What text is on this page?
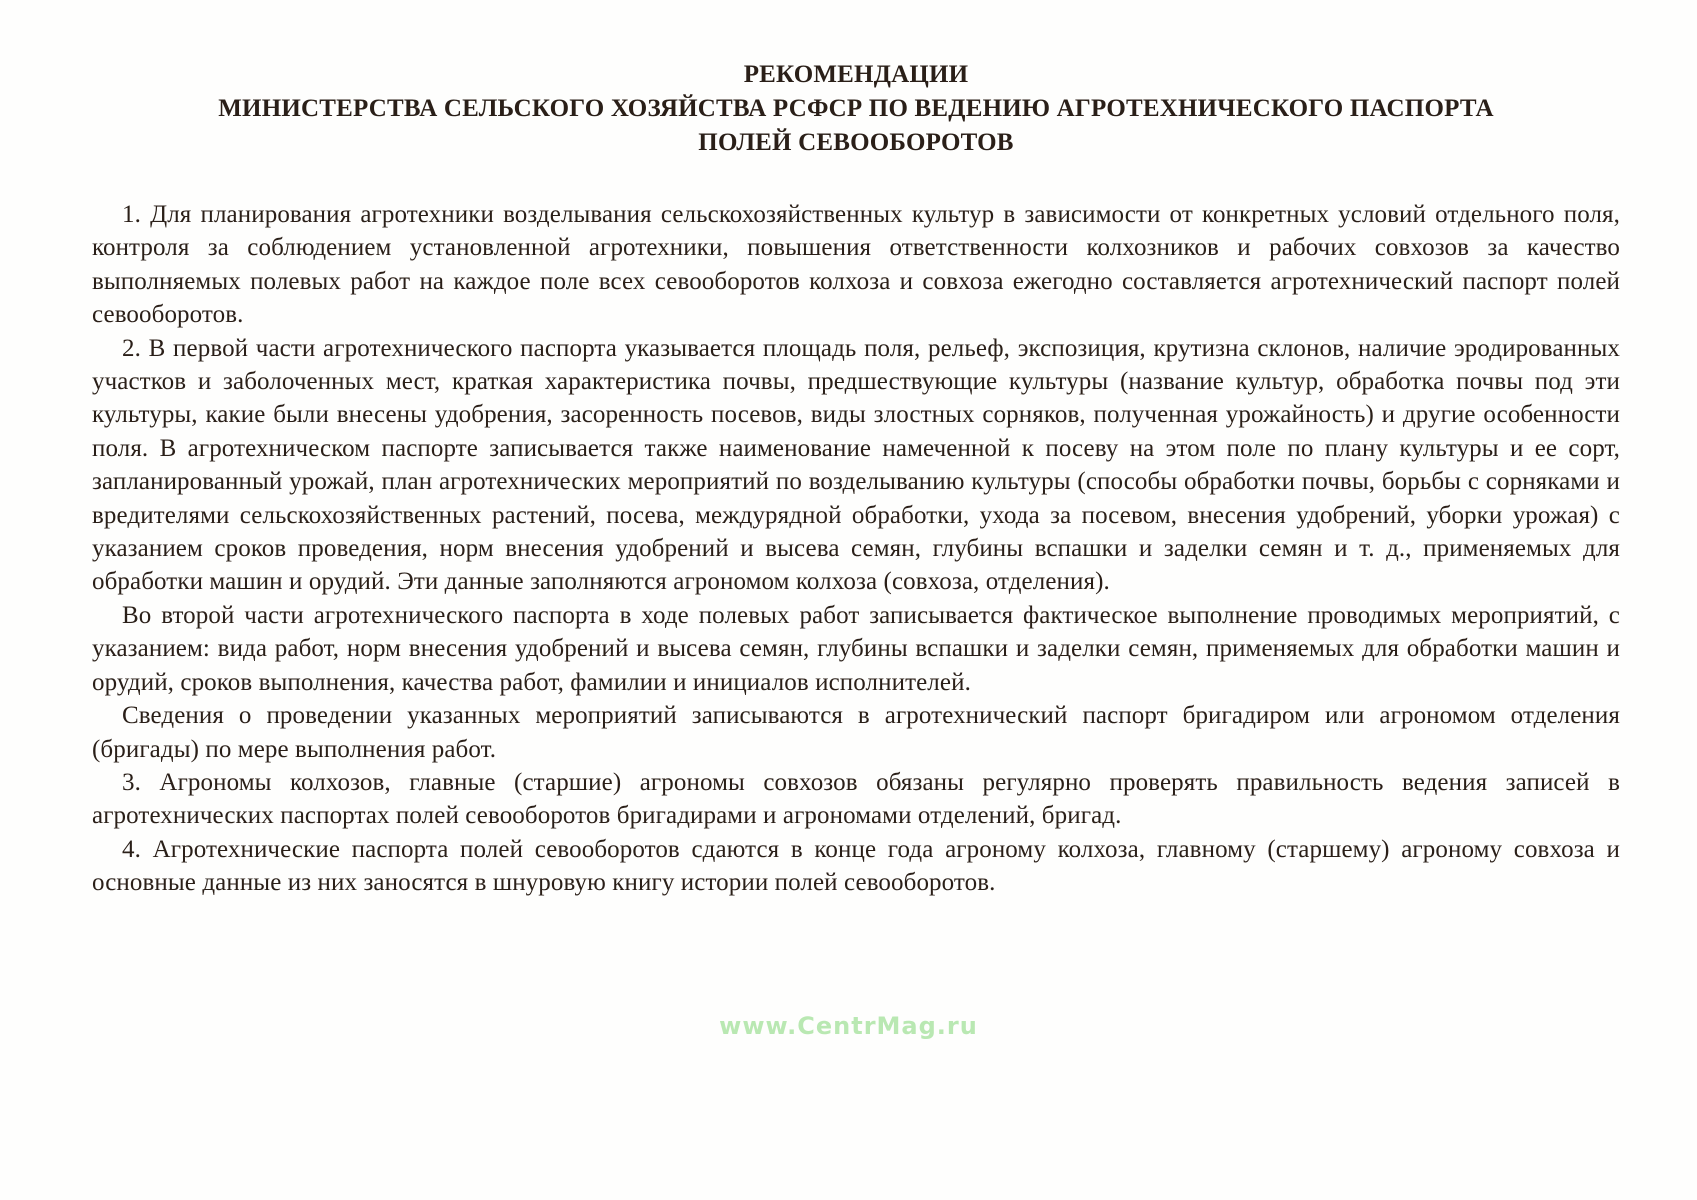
РЕКОМЕНДАЦИИ
МИНИСТЕРСТВА СЕЛЬСКОГО ХОЗЯЙСТВА РСФСР ПО ВЕДЕНИЮ АГРОТЕХНИЧЕСКОГО ПАСПОРТА
ПОЛЕЙ СЕВООБОРОТОВ

1. Для планирования агротехники возделывания сельскохозяйственных культур в зависимости от конкретных условий отдельного поля, контроля за соблюдением установленной агротехники, повышения ответственности колхозников и рабочих совхозов за качество выполняемых полевых работ на каждое поле всех севооборотов колхоза и совхоза ежегодно составляется агротехнический паспорт полей севооборотов.

2. В первой части агротехнического паспорта указывается площадь поля, рельеф, экспозиция, крутизна склонов, наличие эродированных участков и заболоченных мест, краткая характеристика почвы, предшествующие культуры (название культур, обработка почвы под эти культуры, какие были внесены удобрения, засоренность посевов, виды злостных сорняков, полученная урожайность) и другие особенности поля. В агротехническом паспорте записывается также наименование намеченной к посеву на этом поле по плану культуры и ее сорт, запланированный урожай, план агротехнических мероприятий по возделыванию культуры (способы обработки почвы, борьбы с сорняками и вредителями сельскохозяйственных растений, посева, междурядной обработки, ухода за посевом, внесения удобрений, уборки урожая) с указанием сроков проведения, норм внесения удобрений и высева семян, глубины вспашки и заделки семян и т. д., применяемых для обработки машин и орудий. Эти данные заполняются агрономом колхоза (совхоза, отделения).

Во второй части агротехнического паспорта в ходе полевых работ записывается фактическое выполнение проводимых мероприятий, с указанием: вида работ, норм внесения удобрений и высева семян, глубины вспашки и заделки семян, применяемых для обработки машин и орудий, сроков выполнения, качества работ, фамилии и инициалов исполнителей.

Сведения о проведении указанных мероприятий записываются в агротехнический паспорт бригадиром или агрономом отделения (бригады) по мере выполнения работ.

3. Агрономы колхозов, главные (старшие) агрономы совхозов обязаны регулярно проверять правильность ведения записей в агротехнических паспортах полей севооборотов бригадирами и агрономами отделений, бригад.

4. Агротехнические паспорта полей севооборотов сдаются в конце года агроному колхоза, главному (старшему) агроному совхоза и основные данные из них заносятся в шнуровую книгу истории полей севооборотов.

www.CentrMag.ru
